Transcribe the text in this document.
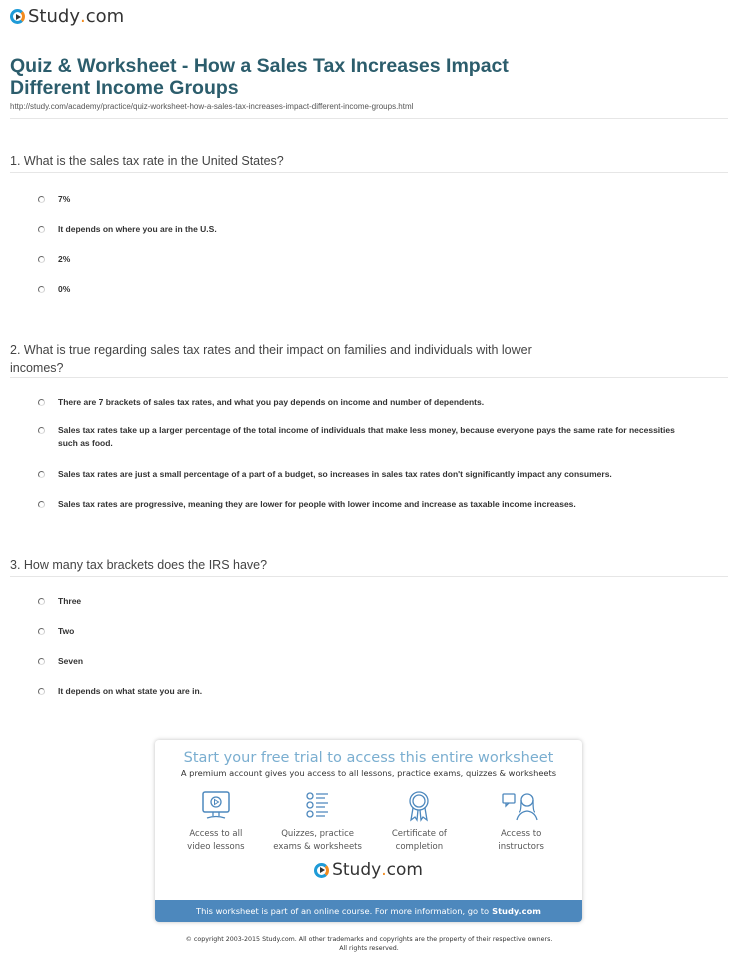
Study . com
Quiz & Worksheet - How a Sales Tax Increases Impact
Different Income Groups
http://study.com/academy/practice/quiz-worksheet-how-a-sales-tax-increases-impact-different-income-groups.html
1. What is the sales tax rate in the United States?
7%
It depends on where you are in the U.S.
2%
0%
2. What is true regarding sales tax rates and their impact on families and individuals with lower incomes?
There are 7 brackets of sales tax rates, and what you pay depends on income and number of dependents.
Sales tax rates take up a larger percentage of the total income of individuals that make less money, because everyone pays the same rate for necessities such as food.
Sales tax rates are just a small percentage of a part of a budget, so increases in sales tax rates don't significantly impact any consumers.
Sales tax rates are progressive, meaning they are lower for people with lower income and increase as taxable income increases.
3. How many tax brackets does the IRS have?
Three
Two
Seven
It depends on what state you are in.
Start your free trial to access this entire worksheet
A premium account gives you access to all lessons, practice exams, quizzes & worksheets
Access to all
video lessons
Quizzes, practice
exams & worksheets
Certificate of
completion
Access to
instructors
Study . com
This worksheet is part of an online course. For more information, go to Study.com
© copyright 2003-2015 Study.com. All other trademarks and copyrights are the property of their respective owners.
All rights reserved.
